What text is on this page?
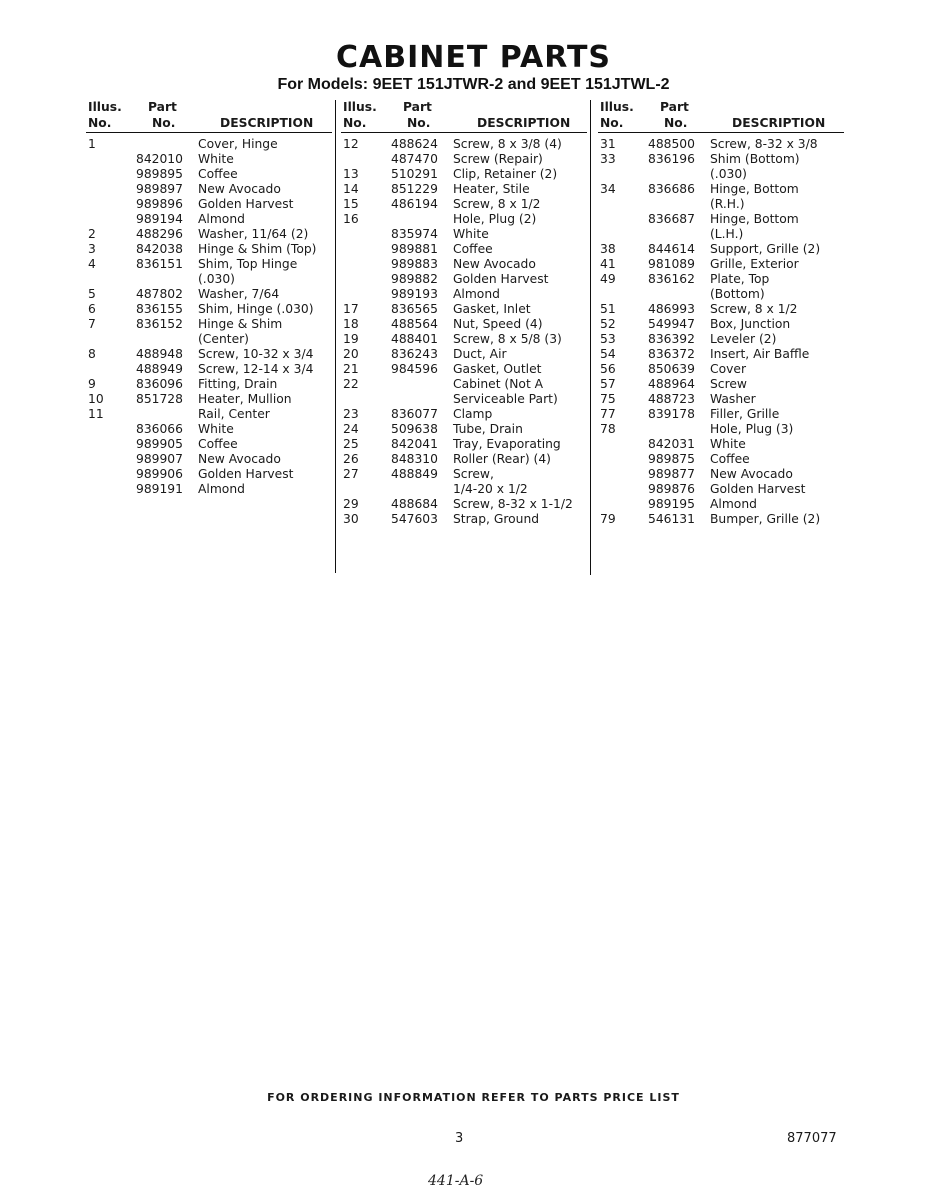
CABINET PARTS
For Models: 9EET 151JTWR-2 and 9EET 151JTWL-2
Illus.
No.
Part
No.	DESCRIPTION
1	Cover, Hinge
842010 White
989895 Coffee
989897 New Avocado
989896 Golden Harvest
989194 Almond
2	488296 Washer, 11/64 (2)
3	842038 Hinge & Shim (Top)
4	836151 Shim, Top Hinge
(.030)
5	487802 Washer, 7/64
6	836155 Shim, Hinge (.030)
7	836152 Hinge & Shim
(Center)
8	488948 Screw, 10-32 x 3/4
488949 Screw, 12-14 x 3/4
9	836096 Fitting, Drain
10	851728 Heater, Mullion
11	Rail, Center
836066 White
989905 Coffee
989907 New Avocado
989906 Golden Harvest
989191 Almond
Illus.
No.
Part
No.	DESCRIPTION
12	488624 Screw, 8 x 3/8 (4)
487470 Screw (Repair)
13	510291 Clip, Retainer (2)
14	851229 Heater, Stile
15	486194 Screw, 8 x 1/2
16	Hole, Plug (2)
835974 White
989881 Coffee
989883 New Avocado
989882 Golden Harvest
989193 Almond
17	836565 Gasket, Inlet
18	488564 Nut, Speed (4)
19	488401 Screw, 8 x 5/8 (3)
20	836243 Duct, Air
21	984596 Gasket, Outlet
22	Cabinet (Not A
Serviceable Part)
23	836077 Clamp
24	509638 Tube, Drain
25	842041 Tray, Evaporating
26	848310 Roller (Rear) (4)
27	488849 Screw,
1/4-20 x 1/2
29	488684 Screw, 8-32 x 1-1/2
30	547603 Strap, Ground
Illus.
No.
Part
No.	DESCRIPTION
31	488500 Screw, 8-32 x 3/8
33	836196 Shim (Bottom)
(.030)
34	836686 Hinge, Bottom
(R.H.)
836687 Hinge, Bottom
(L.H.)
38	844614 Support, Grille (2)
41	981089 Grille, Exterior
49	836162 Plate, Top
(Bottom)
51	486993 Screw, 8 x 1/2
52	549947 Box, Junction
53	836392 Leveler (2)
54	836372 Insert, Air Baffle
56	850639 Cover
57	488964 Screw
75	488723 Washer
77	839178 Filler, Grille
78	Hole, Plug (3)
842031 White
989875 Coffee
989877 New Avocado
989876 Golden Harvest
989195 Almond
79	546131 Bumper, Grille (2)
FOR ORDERING INFORMATION REFER TO PARTS PRICE LIST
3	877077
441-A-6
